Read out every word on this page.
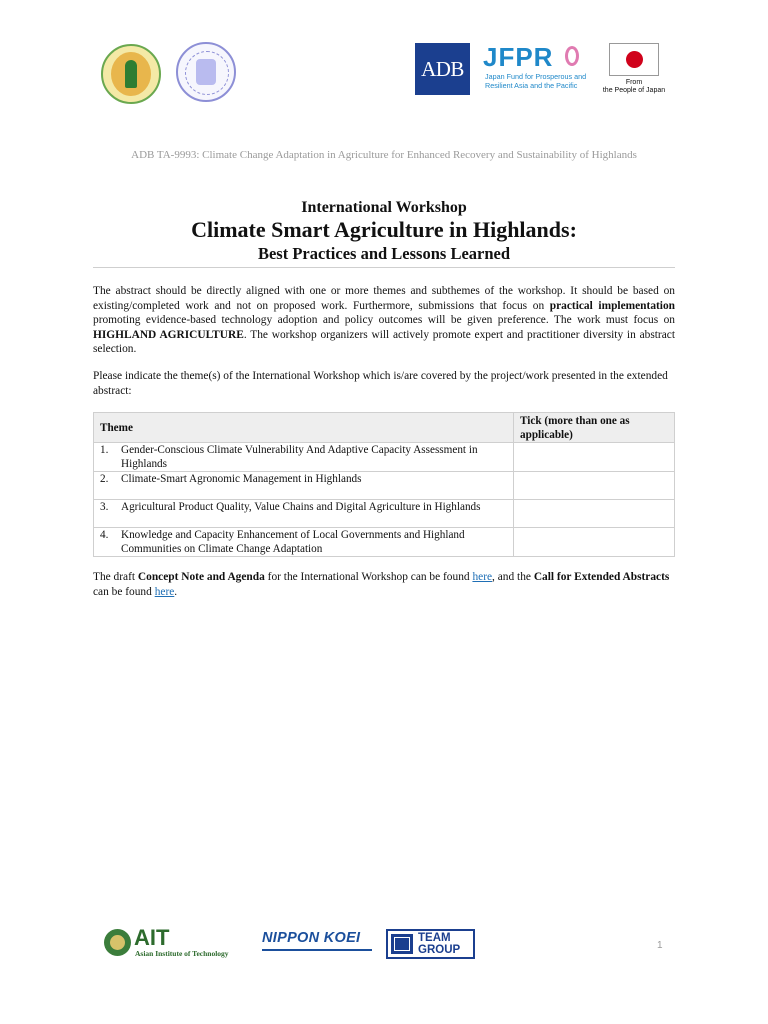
ADB JFPR
Japan Fund for Prosperous and
Resilient Asia and the Pacific	From
the People of Japan
ADB TA-9993: Climate Change Adaptation in Agriculture for Enhanced Recovery and Sustainability of Highlands
International Workshop
Climate Smart Agriculture in Highlands:
Best Practices and Lessons Learned
The abstract should be directly aligned with one or more themes and subthemes of the workshop. It should be based on existing/completed work and not on proposed work. Furthermore, submissions that focus on practical implementation promoting evidence-based technology adoption and policy outcomes will be given preference. The work must focus on HIGHLAND AGRICULTURE. The workshop organizers will actively promote expert and practitioner diversity in abstract selection.
Please indicate the theme(s) of the International Workshop which is/are covered by the project/work presented in the extended abstract:
Theme	Tick (more than one as applicable)

1. Gender-Conscious Climate Vulnerability And Adaptive Capacity Assessment in Highlands	

2. Climate-Smart Agronomic Management in Highlands	

3. Agricultural Product Quality, Value Chains and Digital Agriculture in Highlands	

4. Knowledge and Capacity Enhancement of Local Governments and Highland Communities on Climate Change Adaptation	

The draft Concept Note and Agenda for the International Workshop can be found here, and the Call for Extended Abstracts can be found here.
AIT
Asian Institute of Technology
NIPPON KOEI	TEAM
GROUP	1
